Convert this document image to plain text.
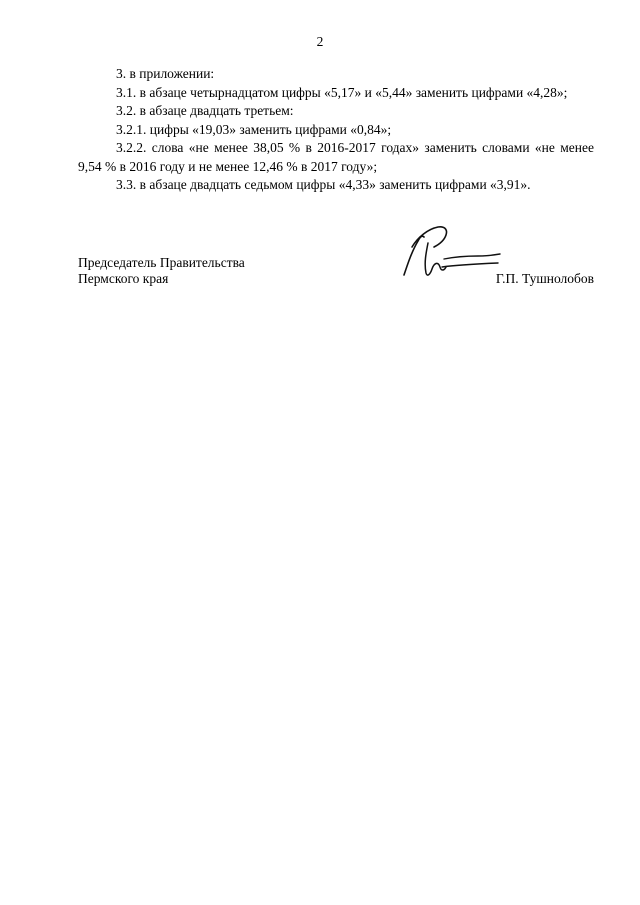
2

3. в приложении:

3.1. в абзаце четырнадцатом цифры «5,17» и «5,44» заменить цифрами «4,28»;

3.2. в абзаце двадцать третьем:

3.2.1. цифры «19,03» заменить цифрами «0,84»;

3.2.2. слова «не менее 38,05 % в 2016-2017 годах» заменить словами «не менее 9,54 % в 2016 году и не менее 12,46 % в 2017 году»;

3.3. в абзаце двадцать седьмом цифры «4,33» заменить цифрами «3,91».

Председатель Правительства
Пермского края	Г.П. Тушнолобов
